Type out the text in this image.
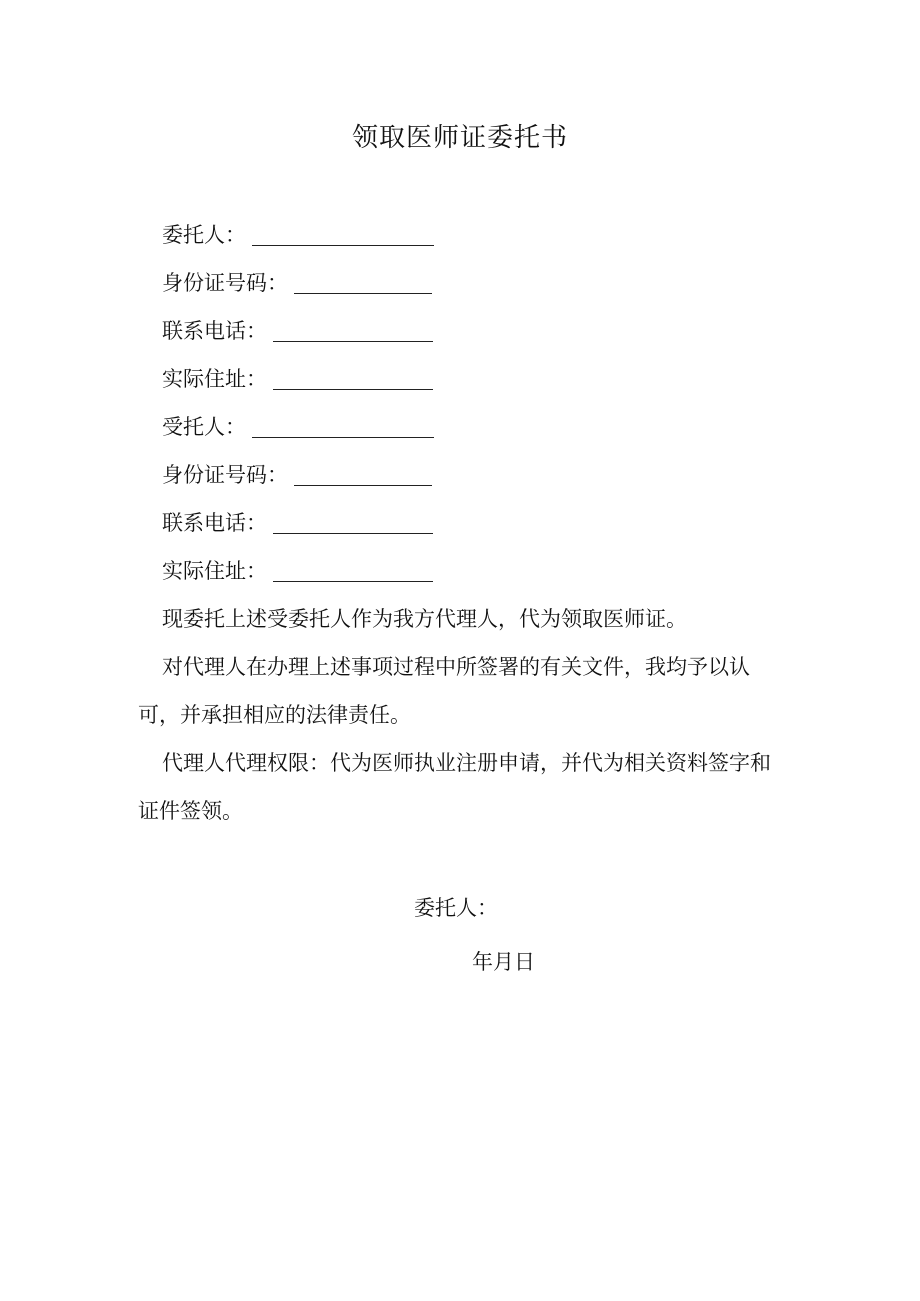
领取医师证委托书
委托人：
身份证号码：
联系电话：
实际住址：
受托人：
身份证号码：
联系电话：
实际住址：

现委托上述受委托人作为我方代理人，代为领取医师证。

对代理人在办理上述事项过程中所签署的有关文件，我均予以认可，并承担相应的法律责任。

代理人代理权限：代为医师执业注册申请，并代为相关资料签字和证件签领。

委托人：
年月日
